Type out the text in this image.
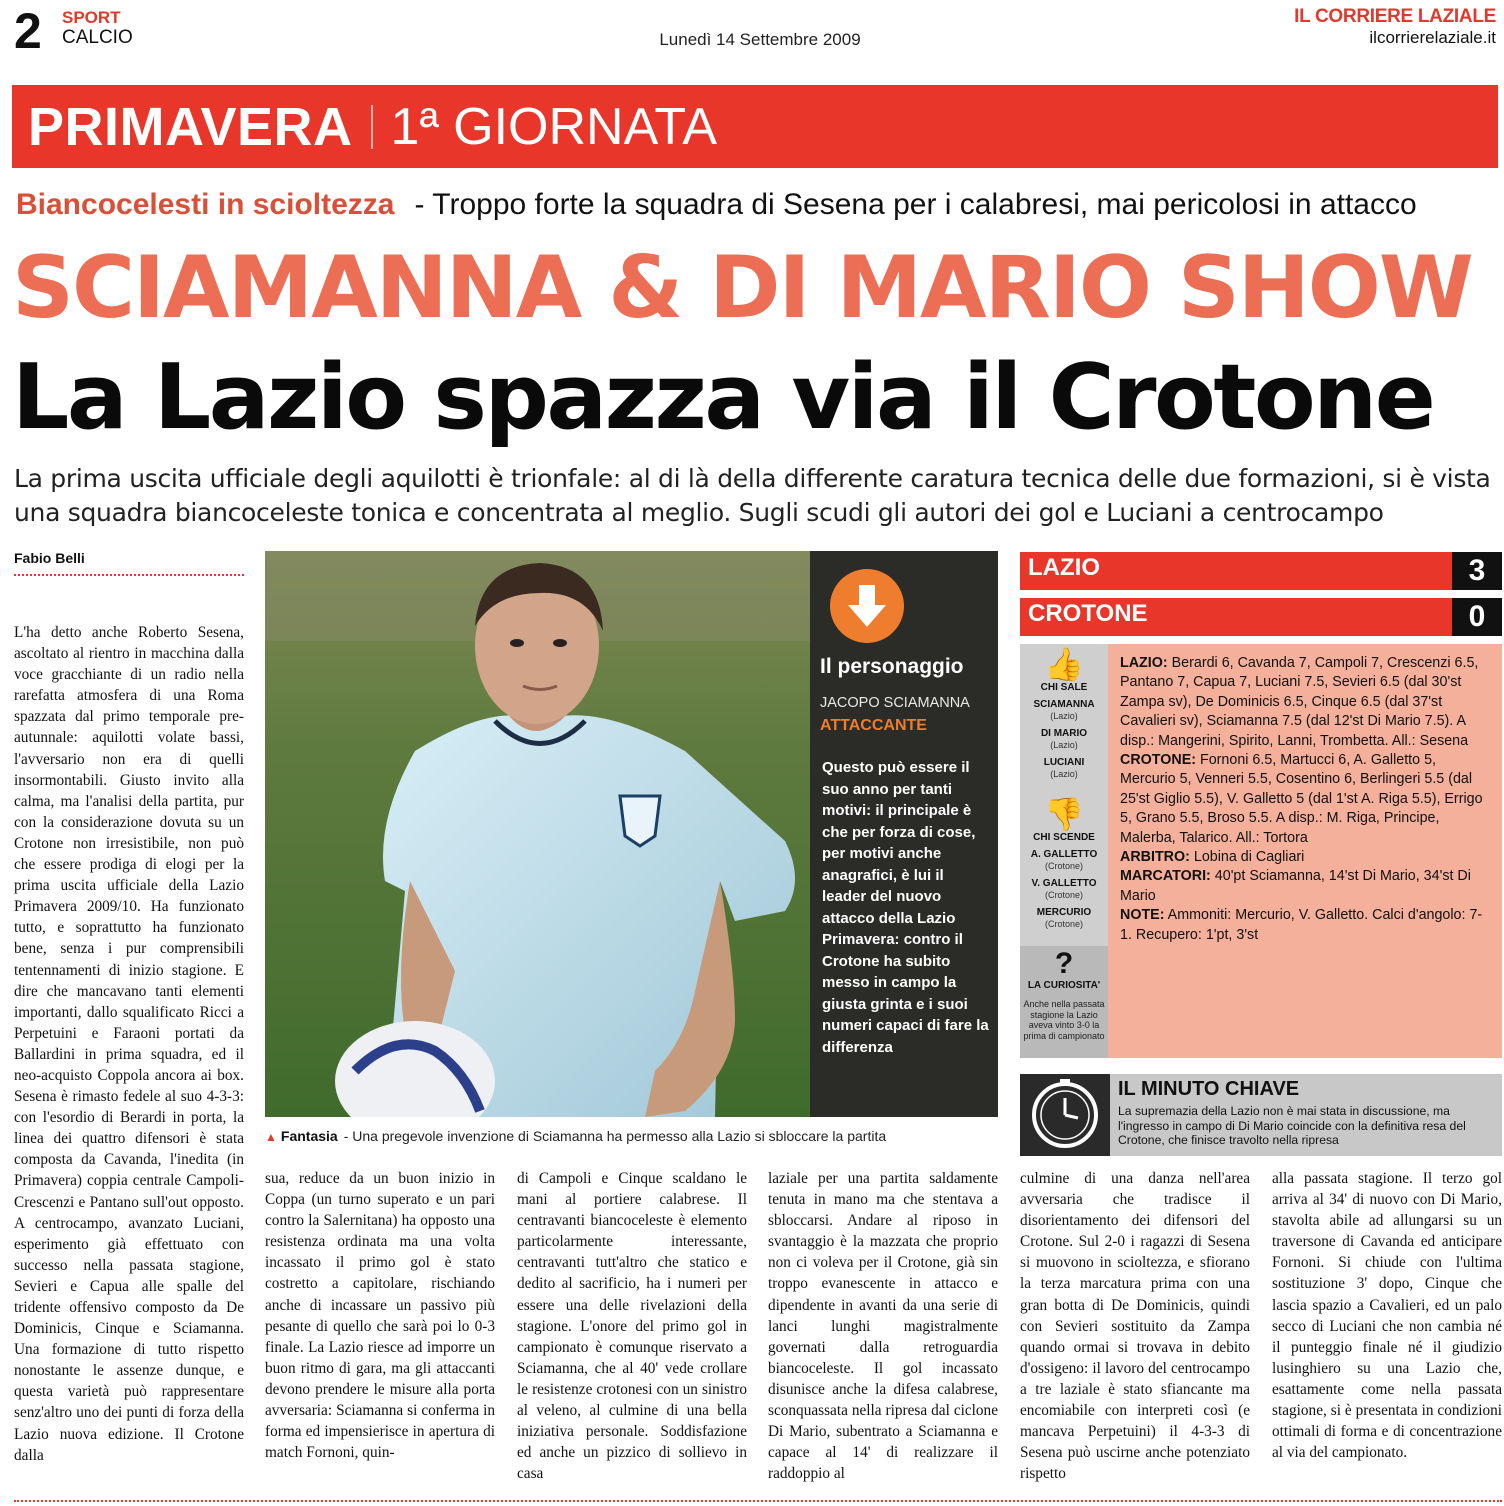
2 SPORT
CALCIO	Lunedì 14 Settembre 2009
IL CORRIERE LAZIALE
ilcorrierelaziale.it
PRIMAVERA 1ª GIORNATA
Biancocelesti in scioltezza - Troppo forte la squadra di Sesena per i calabresi, mai pericolosi in attacco
SCIAMANNA & DI MARIO SHOW
La Lazio spazza via il Crotone
La prima uscita ufficiale degli aquilotti è trionfale: al di là della differente caratura tecnica delle due formazioni, si è vista una squadra biancoceleste tonica e concentrata al meglio. Sugli scudi gli autori dei gol e Luciani a centrocampo
Fabio Belli
L'ha detto anche Roberto Sesena, ascoltato al rientro in macchina dalla voce gracchiante di un radio nella rarefatta atmosfera di una Roma spazzata dal primo temporale pre-autunnale: aquilotti volate bassi, l'avversario non era di quelli insormontabili. Giusto invito alla calma, ma l'analisi della partita, pur con la considerazione dovuta su un Crotone non irresistibile, non può che essere prodiga di elogi per la prima uscita ufficiale della Lazio Primavera 2009/10. Ha funzionato tutto, e soprattutto ha funzionato bene, senza i pur comprensibili tentennamenti di inizio stagione. E dire che mancavano tanti elementi importanti, dallo squalificato Ricci a Perpetuini e Faraoni portati da Ballardini in prima squadra, ed il neo-acquisto Coppola ancora ai box. Sesena è rimasto fedele al suo 4-3-3: con l'esordio di Berardi in porta, la linea dei quattro difensori è stata composta da Cavanda, l'inedita (in Primavera) coppia centrale Campoli-Crescenzi e Pantano sull'out opposto. A centrocampo, avanzato Luciani, esperimento già effettuato con successo nella passata stagione, Sevieri e Capua alle spalle del tridente offensivo composto da De Dominicis, Cinque e Sciamanna. Una formazione di tutto rispetto nonostante le assenze dunque, e questa varietà può rappresentare senz'altro uno dei punti di forza della Lazio nuova edizione. Il Crotone dalla
sua, reduce da un buon inizio in Coppa (un turno superato e un pari contro la Salernitana) ha opposto una resistenza ordinata ma una volta incassato il primo gol è stato costretto a capitolare, rischiando anche di incassare un passivo più pesante di quello che sarà poi lo 0-3 finale. La Lazio riesce ad imporre un buon ritmo di gara, ma gli attaccanti devono prendere le misure alla porta avversaria: Sciamanna si conferma in forma ed impensierisce in apertura di match Fornoni, quin-
di Campoli e Cinque scaldano le mani al portiere calabrese. Il centravanti biancoceleste è elemento particolarmente interessante, centravanti tutt'altro che statico e dedito al sacrificio, ha i numeri per essere una delle rivelazioni della stagione. L'onore del primo gol in campionato è comunque riservato a Sciamanna, che al 40' vede crollare le resistenze crotonesi con un sinistro al veleno, al culmine di una bella iniziativa personale. Soddisfazione ed anche un pizzico di sollievo in casa
laziale per una partita saldamente tenuta in mano ma che stentava a sbloccarsi. Andare al riposo in svantaggio è la mazzata che proprio non ci voleva per il Crotone, già sin troppo evanescente in attacco e dipendente in avanti da una serie di lanci lunghi magistralmente governati dalla retroguardia biancoceleste. Il gol incassato disunisce anche la difesa calabrese, sconquassata nella ripresa dal ciclone Di Mario, subentrato a Sciamanna e capace al 14' di realizzare il raddoppio al
culmine di una danza nell'area avversaria che tradisce il disorientamento dei difensori del Crotone. Sul 2-0 i ragazzi di Sesena si muovono in scioltezza, e sfiorano la terza marcatura prima con una gran botta di De Dominicis, quindi con Sevieri sostituito da Zampa quando ormai si trovava in debito d'ossigeno: il lavoro del centrocampo a tre laziale è stato sfiancante ma encomiabile con interpreti così (e mancava Perpetuini) il 4-3-3 di Sesena può uscirne anche potenziato rispetto
alla passata stagione. Il terzo gol arriva al 34' di nuovo con Di Mario, stavolta abile ad allungarsi su un traversone di Cavanda ed anticipare Fornoni. Si chiude con l'ultima sostituzione 3' dopo, Cinque che lascia spazio a Cavalieri, ed un palo secco di Luciani che non cambia né il punteggio finale né il giudizio lusinghiero su una Lazio che, esattamente come nella passata stagione, si è presentata in condizioni ottimali di forma e di concentrazione al via del campionato.
▲ Fantasia - Una pregevole invenzione di Sciamanna ha permesso alla Lazio si sbloccare la partita
Il personaggio
JACOPO SCIAMANNA
ATTACCANTE
Questo può essere il suo anno per tanti motivi: il principale è che per forza di cose, per motivi anche anagrafici, è lui il leader del nuovo attacco della Lazio Primavera: contro il Crotone ha subito messo in campo la giusta grinta e i suoi numeri capaci di fare la differenza
LAZIO	3
CROTONE	0
👍
CHI SALE
SCIAMANNA
(Lazio)
DI MARIO
(Lazio)
LUCIANI
(Lazio)
👎
CHI SCENDE
A. GALLETTO
(Crotone)
V. GALLETTO
(Crotone)
MERCURIO
(Crotone)
?
LA CURIOSITA'
Anche nella passata stagione la Lazio aveva vinto 3-0 la prima di campionato
LAZIO: Berardi 6, Cavanda 7, Campoli 7, Crescenzi 6.5, Pantano 7, Capua 7, Luciani 7.5, Sevieri 6.5 (dal 30'st Zampa sv), De Dominicis 6.5, Cinque 6.5 (dal 37'st Cavalieri sv), Sciamanna 7.5 (dal 12'st Di Mario 7.5). A disp.: Mangerini, Spirito, Lanni, Trombetta. All.: Sesena
CROTONE: Fornoni 6.5, Martucci 6, A. Galletto 5, Mercurio 5, Venneri 5.5, Cosentino 6, Berlingeri 5.5 (dal 25'st Giglio 5.5), V. Galletto 5 (dal 1'st A. Riga 5.5), Errigo 5, Grano 5.5, Broso 5.5. A disp.: M. Riga, Principe, Malerba, Talarico. All.: Tortora
ARBITRO: Lobina di Cagliari
MARCATORI: 40'pt Sciamanna, 14'st Di Mario, 34'st Di Mario
NOTE: Ammoniti: Mercurio, V. Galletto. Calci d'angolo: 7-1. Recupero: 1'pt, 3'st
IL MINUTO CHIAVE
La supremazia della Lazio non è mai stata in discussione, ma l'ingresso in campo di Di Mario coincide con la definitiva resa del Crotone, che finisce travolto nella ripresa
